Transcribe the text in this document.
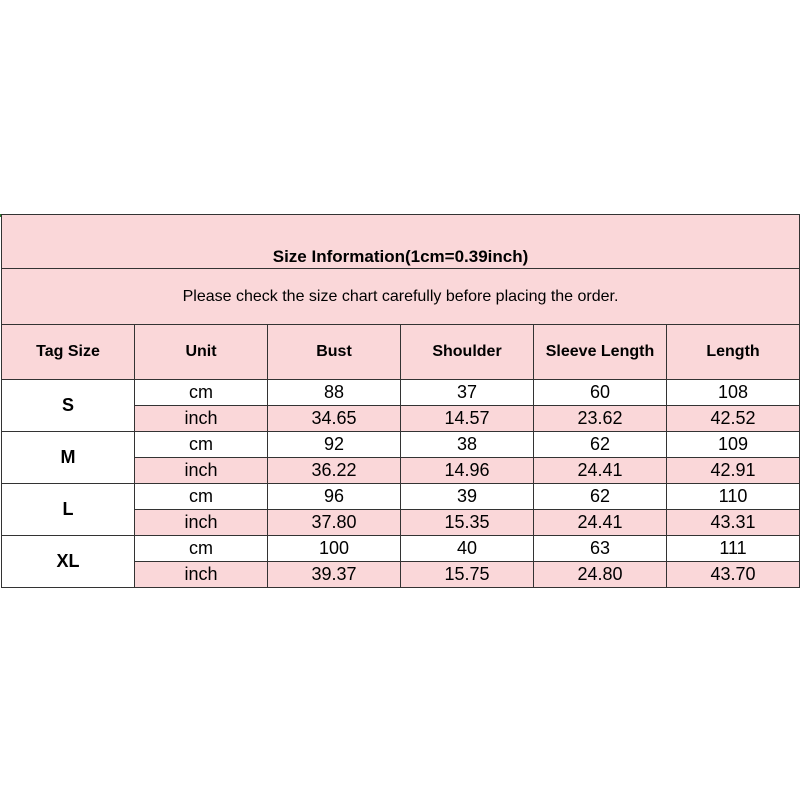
Size Information(1cm=0.39inch)					
Please check the size chart carefully before placing the order.					
Tag Size	Unit	Bust	Shoulder	Sleeve Length	Length
S	cm	88	37	60	108
	inch	34.65	14.57	23.62	42.52
M	cm	92	38	62	109
	inch	36.22	14.96	24.41	42.91
L	cm	96	39	62	110
	inch	37.80	15.35	24.41	43.31
XL	cm	100	40	63	111
	inch	39.37	15.75	24.80	43.70
